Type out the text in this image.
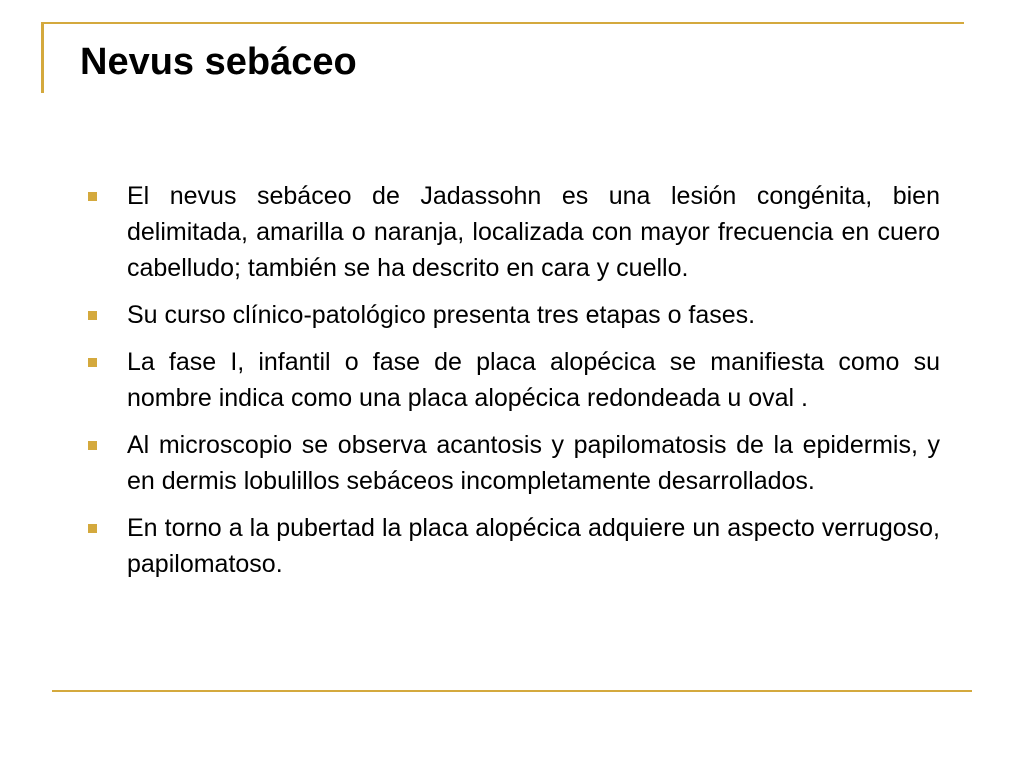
Nevus sebáceo
El nevus sebáceo de Jadassohn es una lesión congénita, bien delimitada, amarilla o naranja, localizada con mayor frecuencia en cuero cabelludo; también se ha descrito en cara y cuello.
Su curso clínico-patológico presenta tres etapas o fases.
La fase I, infantil o fase de placa alopécica se manifiesta como su nombre indica como una placa alopécica redondeada u oval .
Al microscopio se observa acantosis y papilomatosis de la epidermis, y en dermis lobulillos sebáceos incompletamente desarrollados.
En torno a la pubertad la placa alopécica adquiere un aspecto verrugoso, papilomatoso.
